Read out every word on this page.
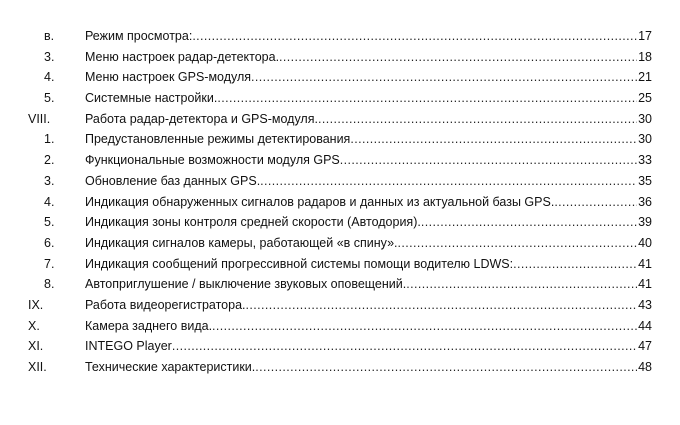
в. Режим просмотра: .....	17
3. Меню настроек радар-детектора. .....	18
4. Меню настроек GPS-модуля .....	21
5. Системные настройки. .....	25
VIII.	Работа радар-детектора и GPS-модуля. .....	30
1. Предустановленные режимы детектирования .....	30
2. Функциональные возможности модуля GPS .....	33
3. Обновление баз данных GPS. .....	35
4. Индикация обнаруженных сигналов радаров и данных из актуальной базы GPS. .....	36
5. Индикация зоны контроля средней скорости (Автодория). .....	39
6. Индикация сигналов камеры, работающей «в спину». .....	40
7. Индикация сообщений прогрессивной системы помощи водителю LDWS: .....	41
8. Автоприглушение / выключение звуковых оповещений. .....	41
IX.	Работа видеорегистратора. .....	43
X.	Камера заднего вида. .....	44
XI.	INTEGO Player .....	47
XII.	Технические характеристики. .....	48
